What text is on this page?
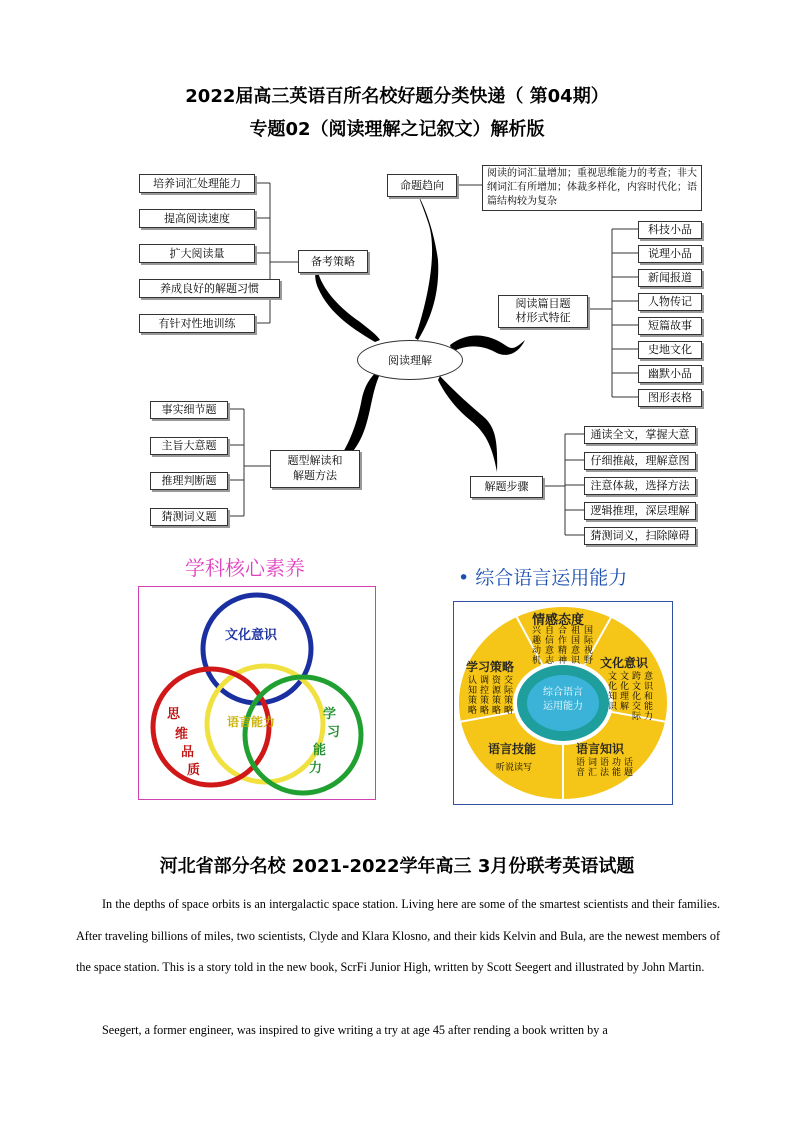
2022届高三英语百所名校好题分类快递（ 第04期）
专题02（阅读理解之记叙文）解析版
阅读理解
命题趋向
阅读的词汇量增加；重视思维能力的考查；非大纲词汇有所增加；体裁多样化，内容时代化；语篇结构较为复杂
备考策略
培养词汇处理能力
提高阅读速度
扩大阅读量
养成良好的解题习惯
有针对性地训练
阅读篇目题
材形式特征
科技小品
说理小品
新闻报道
人物传记
短篇故事
史地文化
幽默小品
图形表格
题型解读和
解题方法
事实细节题
主旨大意题
推理判断题
猜测词义题
解题步骤
通读全文，掌握大意
仔细推敲，理解意图
注意体裁，选择方法
逻辑推理，深层理解
猜测词义，扫除障碍
学科核心素养
文化意识
语言能力
思
维
品
质
学
习
能
力
• 综合语言运用能力
综合语言
运用能力
情感态度
兴趣动机
自信意志
合作精神
祖国意识
国际视野 文化意识
文化知识
文化理解
跨文化交际
意识和能力
学习策略
认知策略
调控策略
资源策略
交际策略
语言技能
听说读写
语言知识
语音
词汇
语法
功能
话题
河北省部分名校 2021-2022学年高三 3月份联考英语试题
In the depths of space orbits is an intergalactic space station. Living here are some of the smartest scientists and their families. After traveling billions of miles, two scientists, Clyde and Klara Klosno, and their kids Kelvin and Bula, are the newest members of the space station. This is a story told in the new book, ScrFi Junior High, written by Scott Seegert and illustrated by John Martin.
Seegert, a former engineer, was inspired to give writing a try at age 45 after rending a book written by a
